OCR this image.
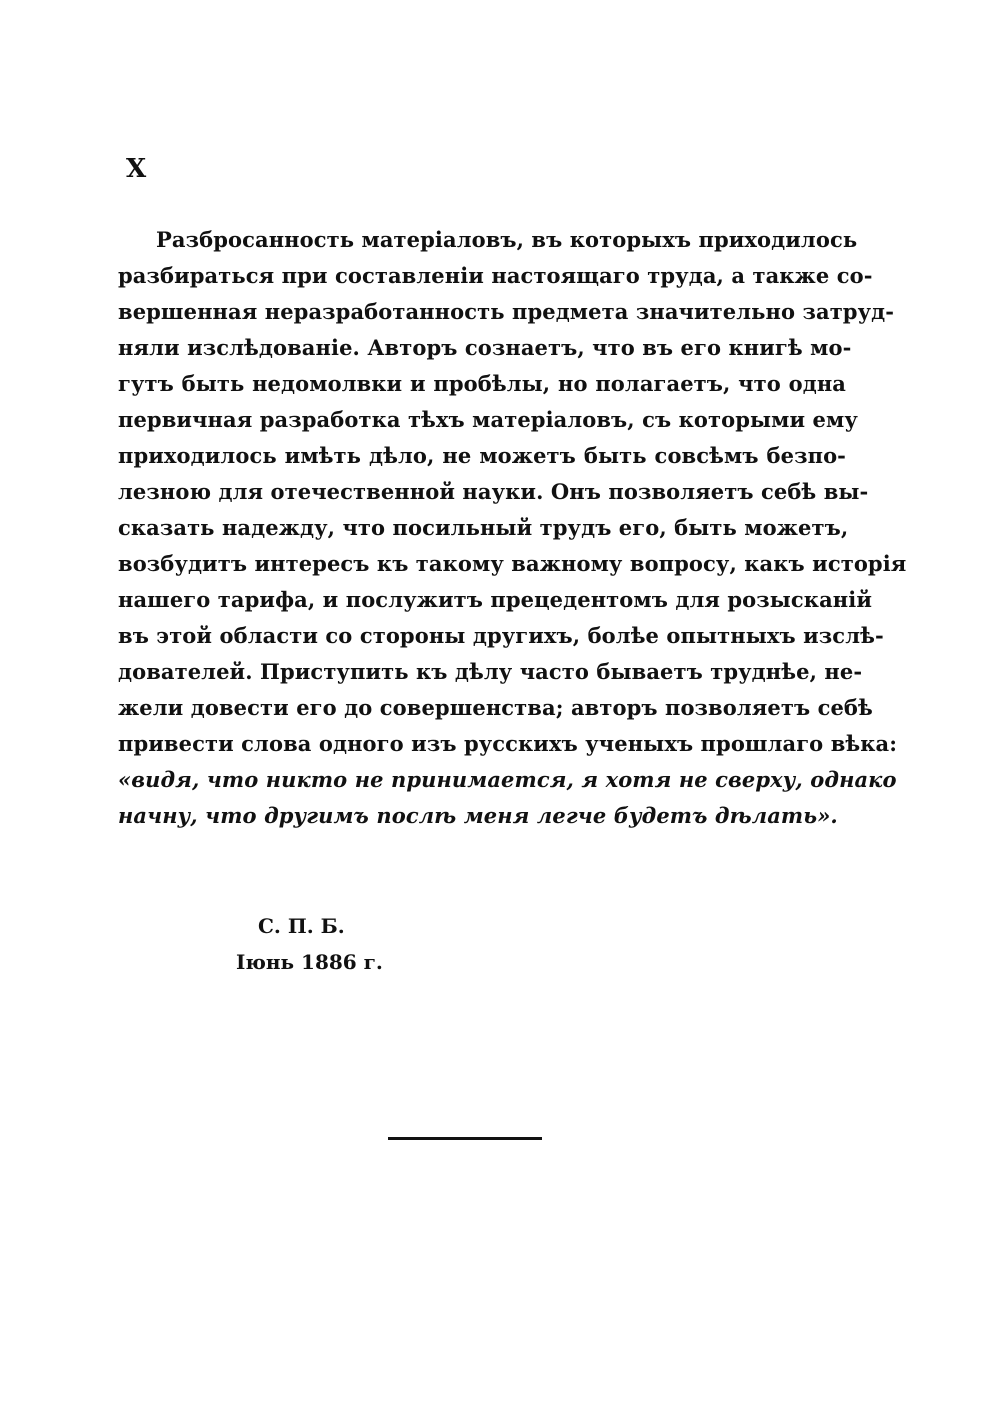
X
Разбросанность матеріаловъ, въ которыхъ приходилось
разбираться при составленіи настоящаго труда, а также со-
вершенная неразработанность предмета значительно затруд-
няли изслѣдованіе. Авторъ сознаетъ, что въ его книгѣ мо-
гутъ быть недомолвки и пробѣлы, но полагаетъ, что одна
первичная разработка тѣхъ матеріаловъ, съ которыми ему
приходилось имѣть дѣло, не можетъ быть совсѣмъ безпо-
лезною для отечественной науки. Онъ позволяетъ себѣ вы-
сказать надежду, что посильный трудъ его, быть можетъ,
возбудитъ интересъ къ такому важному вопросу, какъ исторія
нашего тарифа, и послужитъ прецедентомъ для розысканій
въ этой области со стороны другихъ, болѣе опытныхъ изслѣ-
дователей. Приступить къ дѣлу часто бываетъ труднѣе, не-
жели довести его до совершенства; авторъ позволяетъ себѣ
привести слова одного изъ русскихъ ученыхъ прошлаго вѣка:
«видя, что никто не принимается, я хотя не сверху, однако
начну, что другимъ послѣ меня легче будетъ дѣлать».
С. П. Б.
Іюнь 1886 г.
